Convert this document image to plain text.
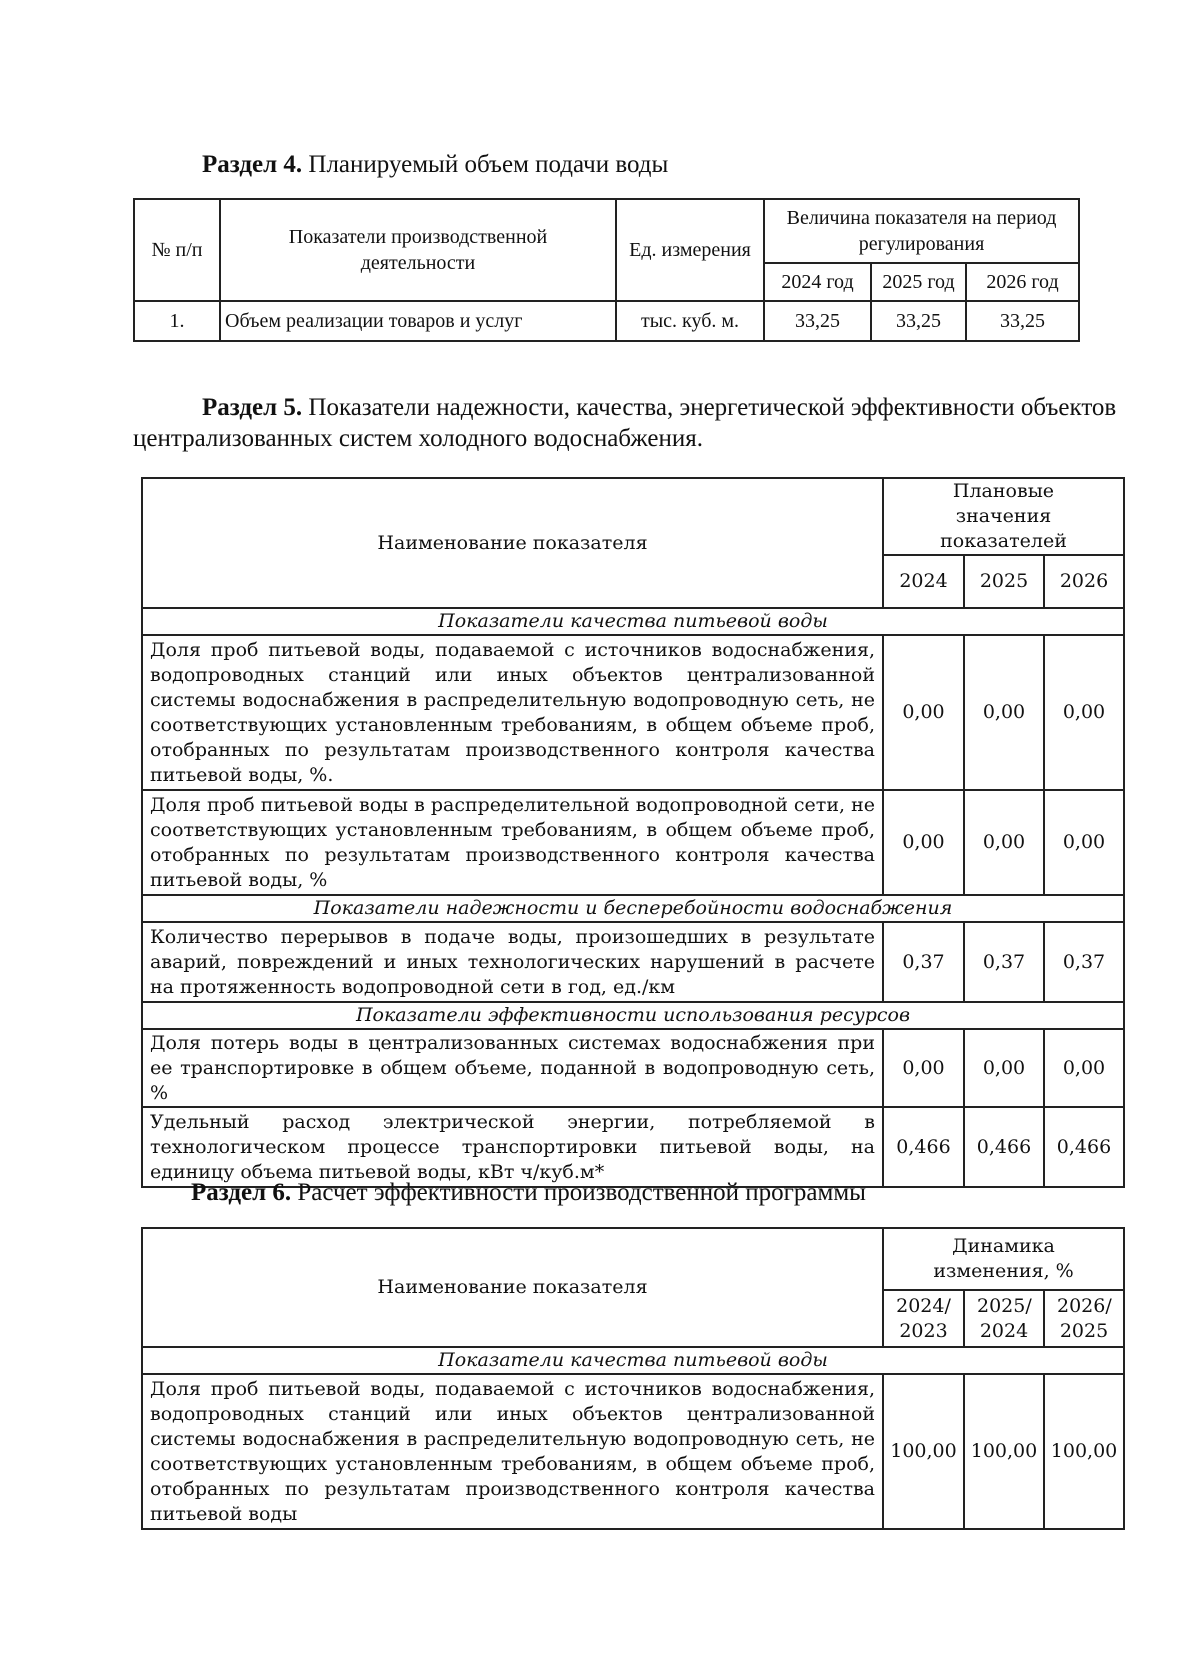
Раздел 4. Планируемый объем подачи воды
№ п/п	Показатели производственной деятельности	Ед. измерения	Величина показателя на период регулирования		
			2024 год	2025 год	2026 год
1.	Объем реализации товаров и услуг	тыс. куб. м.	33,25	33,25	33,25
Раздел 5. Показатели надежности, качества, энергетической эффективности объектов
централизованных систем холодного водоснабжения.
Наименование показателя	Плановые значения показателей		
	2024	2025	2026
Показатели качества питьевой воды			
Доля проб питьевой воды, подаваемой с источников водоснабжения, водопроводных станций или иных объектов централизованной системы водоснабжения в распределительную водопроводную сеть, не соответствующих установленным требованиям, в общем объеме проб, отобранных по результатам производственного контроля качества питьевой воды, %.	0,00	0,00	0,00
Доля проб питьевой воды в распределительной водопроводной сети, не соответствующих установленным требованиям, в общем объеме проб, отобранных по результатам производственного контроля качества питьевой воды, %	0,00	0,00	0,00
Показатели надежности и бесперебойности водоснабжения			
Количество перерывов в подаче воды, произошедших в результате аварий, повреждений и иных технологических нарушений в расчете на протяженность водопроводной сети в год, ед./км	0,37	0,37	0,37
Показатели эффективности использования ресурсов			
Доля потерь воды в централизованных системах водоснабжения при ее транспортировке в общем объеме, поданной в водопроводную сеть, %	0,00	0,00	0,00
Удельный расход электрической энергии, потребляемой в технологическом процессе транспортировки питьевой воды, на единицу объема питьевой воды, кВт ч/куб.м*	0,466	0,466	0,466
Раздел 6. Расчет эффективности производственной программы
Наименование показателя	Динамика изменения, %		
	2024/ 2023	2025/ 2024	2026/ 2025
Показатели качества питьевой воды			
Доля проб питьевой воды, подаваемой с источников водоснабжения, водопроводных станций или иных объектов централизованной системы водоснабжения в распределительную водопроводную сеть, не соответствующих установленным требованиям, в общем объеме проб, отобранных по результатам производственного контроля качества питьевой воды	100,00	100,00	100,00
